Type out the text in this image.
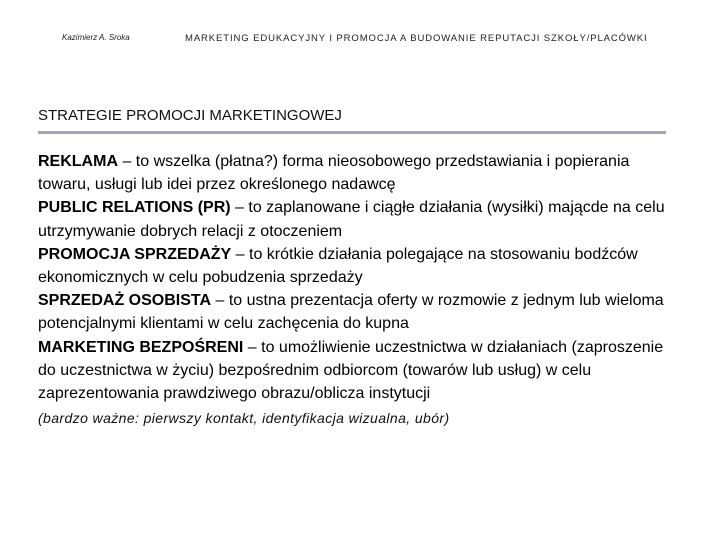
Kazimierz A. Sroka	MARKETING EDUKACYJNY I PROMOCJA A BUDOWANIE REPUTACJI SZKOŁY/PLACÓWKI
STRATEGIE PROMOCJI MARKETINGOWEJ

REKLAMA – to wszelka (płatna?) forma nieosobowego przedstawiania i popierania towaru, usługi lub idei przez określonego nadawcę

PUBLIC RELATIONS (PR) – to zaplanowane i ciągłe działania (wysiłki) mającde na celu utrzymywanie dobrych relacji z otoczeniem

PROMOCJA SPRZEDAŻY – to krótkie działania polegające na stosowaniu bodźców ekonomicznych w celu pobudzenia sprzedaży

SPRZEDAŻ OSOBISTA – to ustna prezentacja oferty w rozmowie z jednym lub wieloma potencjalnymi klientami w celu zachęcenia do kupna

MARKETING BEZPOŚRENI – to umożliwienie uczestnictwa w działaniach (zaproszenie do uczestnictwa w życiu) bezpośrednim odbiorcom (towarów lub usług) w celu zaprezentowania prawdziwego obrazu/oblicza instytucji

(bardzo ważne: pierwszy kontakt, identyfikacja wizualna, ubór)
